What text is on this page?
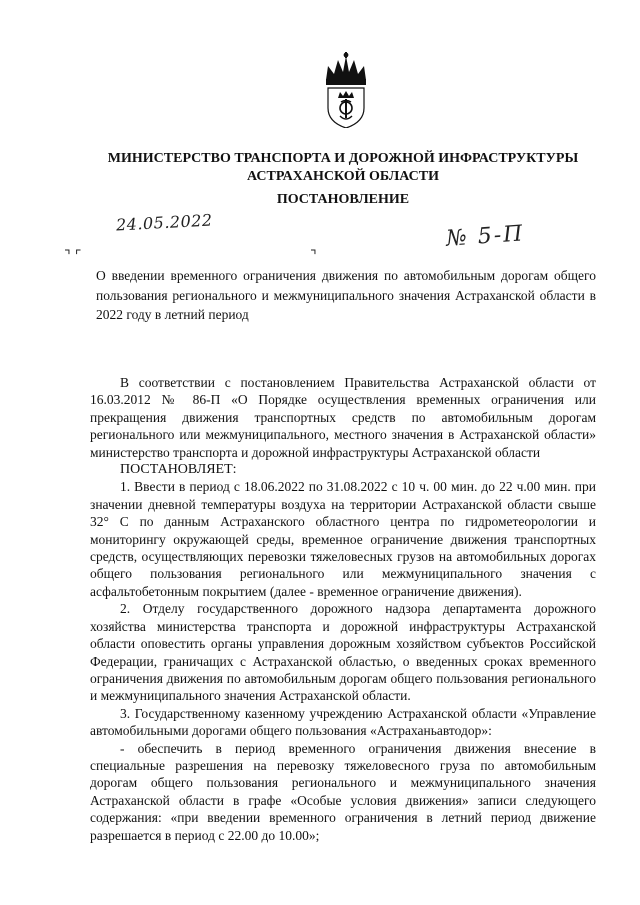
МИНИСТЕРСТВО ТРАНСПОРТА И ДОРОЖНОЙ ИНФРАСТРУКТУРЫ
АСТРАХАНСКОЙ ОБЛАСТИ
ПОСТАНОВЛЕНИЕ
24.05.2022	№ 5-П
⌝ ⌜	⌝
О введении временного ограничения движения по автомобильным дорогам общего пользования регионального и межмуниципального значения Астраханской области в 2022 году в летний период

В соответствии с постановлением Правительства Астраханской области от 16.03.2012 № 86-П «О Порядке осуществления временных ограничения или прекращения движения транспортных средств по автомобильным дорогам регионального или межмуниципального, местного значения в Астраханской области» министерство транспорта и дорожной инфраструктуры Астраханской области

ПОСТАНОВЛЯЕТ:

1. Ввести в период с 18.06.2022 по 31.08.2022 с 10 ч. 00 мин. до 22 ч.00 мин. при значении дневной температуры воздуха на территории Астраханской области свыше 32° С по данным Астраханского областного центра по гидрометеорологии и мониторингу окружающей среды, временное ограничение движения транспортных средств, осуществляющих перевозки тяжеловесных грузов на автомобильных дорогах общего пользования регионального или межмуниципального значения с асфальтобетонным покрытием (далее - временное ограничение движения).

2. Отделу государственного дорожного надзора департамента дорожного хозяйства министерства транспорта и дорожной инфраструктуры Астраханской области оповестить органы управления дорожным хозяйством субъектов Российской Федерации, граничащих с Астраханской областью, о введенных сроках временного ограничения движения по автомобильным дорогам общего пользования регионального и межмуниципального значения Астраханской области.

3. Государственному казенному учреждению Астраханской области «Управление автомобильными дорогами общего пользования «Астраханьавтодор»:

- обеспечить в период временного ограничения движения внесение в специальные разрешения на перевозку тяжеловесного груза по автомобильным дорогам общего пользования регионального и межмуниципального значения Астраханской области в графе «Особые условия движения» записи следующего содержания: «при введении временного ограничения в летний период движение разрешается в период с 22.00 до 10.00»;
